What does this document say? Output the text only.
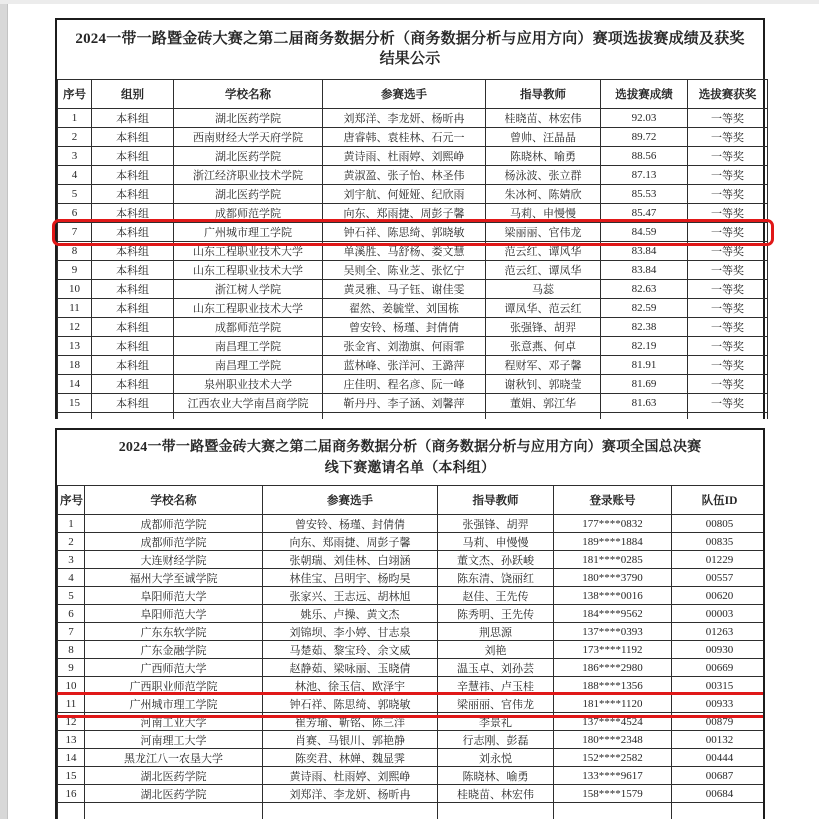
2024一带一路暨金砖大赛之第二届商务数据分析（商务数据分析与应用方向）赛项选拔赛成绩及获奖结果公示
序号	组别	学校名称	参赛选手	指导教师	选拔赛成绩	选拔赛获奖
1	本科组	湖北医药学院	刘郑洋、李龙妍、杨昕冉	桂晓苗、林宏伟	92.03	一等奖
2	本科组	西南财经大学天府学院	唐睿韩、袁桂林、石元一	曾帅、汪晶晶	89.72	一等奖
3	本科组	湖北医药学院	黄诗雨、杜雨婷、刘熙峥	陈晓林、喻勇	88.56	一等奖
4	本科组	浙江经济职业技术学院	黄淑盈、张子怡、林圣伟	杨泳波、张立群	87.13	一等奖
5	本科组	湖北医药学院	刘宇航、何娅娅、纪欣雨	朱冰柯、陈婧欣	85.53	一等奖
6	本科组	成都师范学院	向东、郑雨捷、周彭子馨	马莉、申慢慢	85.47	一等奖
7	本科组	广州城市理工学院	钟石祥、陈思绮、郭晓敏	梁丽丽、官伟龙	84.59	一等奖
8	本科组	山东工程职业技术大学	单溪胜、马舒杨、娄文慧	范云红、谭风华	83.84	一等奖
9	本科组	山东工程职业技术大学	吴则全、陈业芝、张忆宁	范云红、谭凤华	83.84	一等奖
10	本科组	浙江树人学院	黄灵雅、马子钰、谢佳雯	马蕊	82.63	一等奖
11	本科组	山东工程职业技术大学	翟然、姜毓堂、刘国栋	谭凤华、范云红	82.59	一等奖
12	本科组	成都师范学院	曾安铃、杨瑾、封倩倩	张强锋、胡羿	82.38	一等奖
13	本科组	南昌理工学院	张金宵、刘渤旗、何雨霏	张意燕、何卓	82.19	一等奖
18	本科组	南昌理工学院	蓝林峰、张洋河、王潞萍	程财军、邓子馨	81.91	一等奖
14	本科组	泉州职业技术大学	庄佳明、程名彦、阮一峰	谢秋钊、郭晓莹	81.69	一等奖
15	本科组	江西农业大学南昌商学院	靳丹丹、李子涵、刘馨萍	董娟、郭江华	81.63	一等奖

2024一带一路暨金砖大赛之第二届商务数据分析（商务数据分析与应用方向）赛项全国总决赛
线下赛邀请名单（本科组）
序号	学校名称	参赛选手	指导教师	登录账号	队伍ID
1	成都师范学院	曾安铃、杨瑾、封倩倩	张强锋、胡羿	177****0832	00805
2	成都师范学院	向东、郑雨捷、周彭子馨	马莉、申慢慢	189****1884	00835
3	大连财经学院	张朝瑞、刘佳林、白翊涵	董文杰、孙跃峻	181****0285	01229
4	福州大学至诚学院	林佳宝、吕明宇、杨昀昊	陈东清、饶丽红	180****3790	00557
5	阜阳师范大学	张家兴、王志远、胡林旭	赵佳、王先传	138****0016	00620
6	阜阳师范大学	姚乐、卢操、黄文杰	陈秀明、王先传	184****9562	00003
7	广东东软学院	刘锦坝、李小婷、甘志泉	荆思源	137****0393	01263
8	广东金融学院	马楚茹、黎宝玲、余文威	刘艳	173****1192	00930
9	广西师范大学	赵静茹、梁咏丽、玉晓倩	温玉卓、刘孙芸	186****2980	00669
10	广西职业师范学院	林池、徐玉信、欧泽宇	辛慧祎、卢玉桂	188****1356	00315
11	广州城市理工学院	钟石祥、陈思绮、郭晓敏	梁丽丽、官伟龙	181****1120	00933
12	河南工业大学	崔芳瑜、靳铭、陈三洋	李景礼	137****4524	00879
13	河南理工大学	肖赛、马银川、郭艳静	行志刚、彭磊	180****2348	00132
14	黑龙江八一农垦大学	陈奕君、林婵、魏显霁	刘永悦	152****2582	00444
15	湖北医药学院	黄诗雨、杜雨婷、刘熙峥	陈晓林、喻勇	133****9617	00687
16	湖北医药学院	刘郑洋、李龙妍、杨昕冉	桂晓苗、林宏伟	158****1579	00684
